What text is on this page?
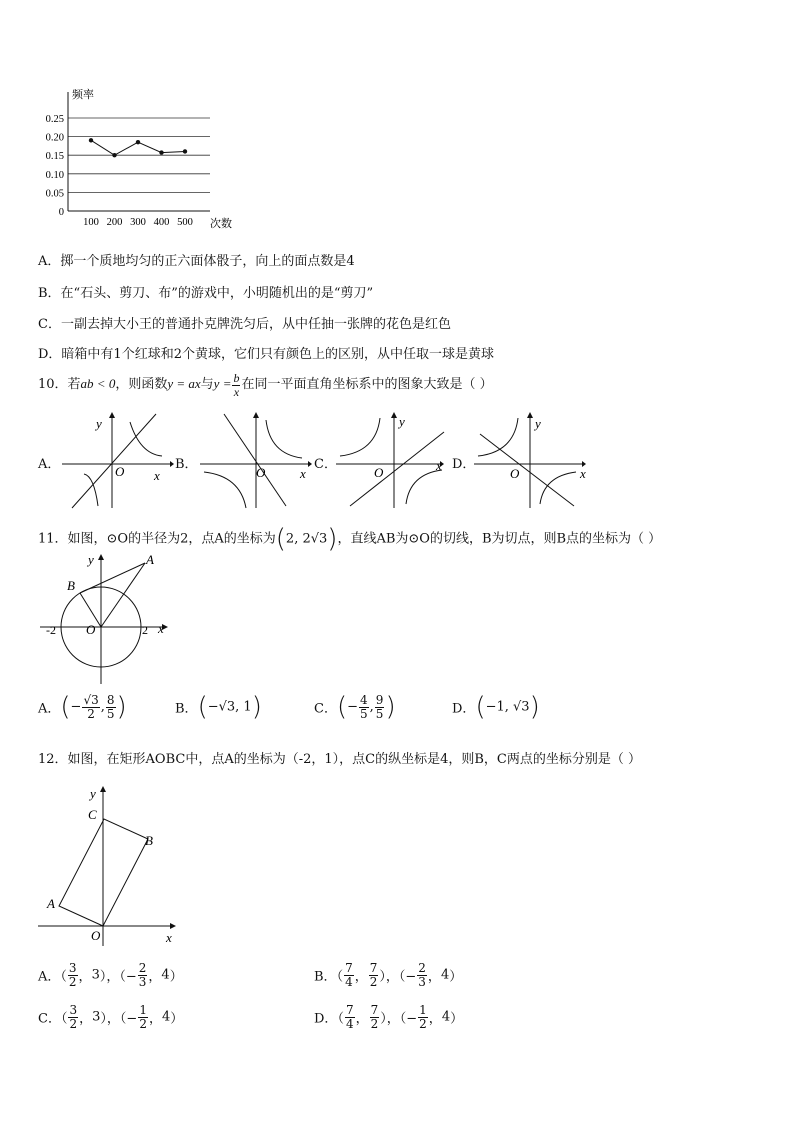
频率
0
0.05
0.10
0.15
0.20
0.25
100 200 300 400 500 次数
A．掷一个质地均匀的正六面体骰子，向上的面点数是4
B．在“石头、剪刀、布”的游戏中，小明随机出的是“剪刀”
C．一副去掉大小王的普通扑克牌洗匀后，从中任抽一张牌的花色是红色
D．暗箱中有1个红球和2个黄球，它们只有颜色上的区别，从中任取一球是黄球
10．若ab < 0，则函数y = ax与$y = \frac{b}{x}$ 在同一平面直角坐标系中的图象大致是（ ）
A．	B．	C．	D．
y
O x	O	x
y
O	x
y
O	x
11．如图，⊙O的半径为2，点A的坐标为(2, 2√3)，直线AB为⊙O的切线，B为切点，则B点的坐标为（ ）
y	A
B
-2 O	2 x
A．(− $\frac{√3}{2}$ , $\frac{8}{5}$ )	B．(−√3, 1)	C．(− $\frac{4}{5}$ , $\frac{9}{5}$ )	D．(−1, √3)
12．如图，在矩形AOBC中，点A的坐标为（-2，1），点C的纵坐标是4，则B，C两点的坐标分别是（ ）
y
C
B
A
O	x
A．（ $\frac{3}{2}$ ，3），（− $\frac{2}{3}$ ，4）	B．（ $\frac{7}{4}$ ， $\frac{7}{2}$ ），（− $\frac{2}{3}$ ，4）
C．（ $\frac{3}{2}$ ，3），（− $\frac{1}{2}$ ，4）	D．（ $\frac{7}{4}$ ， $\frac{7}{2}$ ），（− $\frac{1}{2}$ ，4）
